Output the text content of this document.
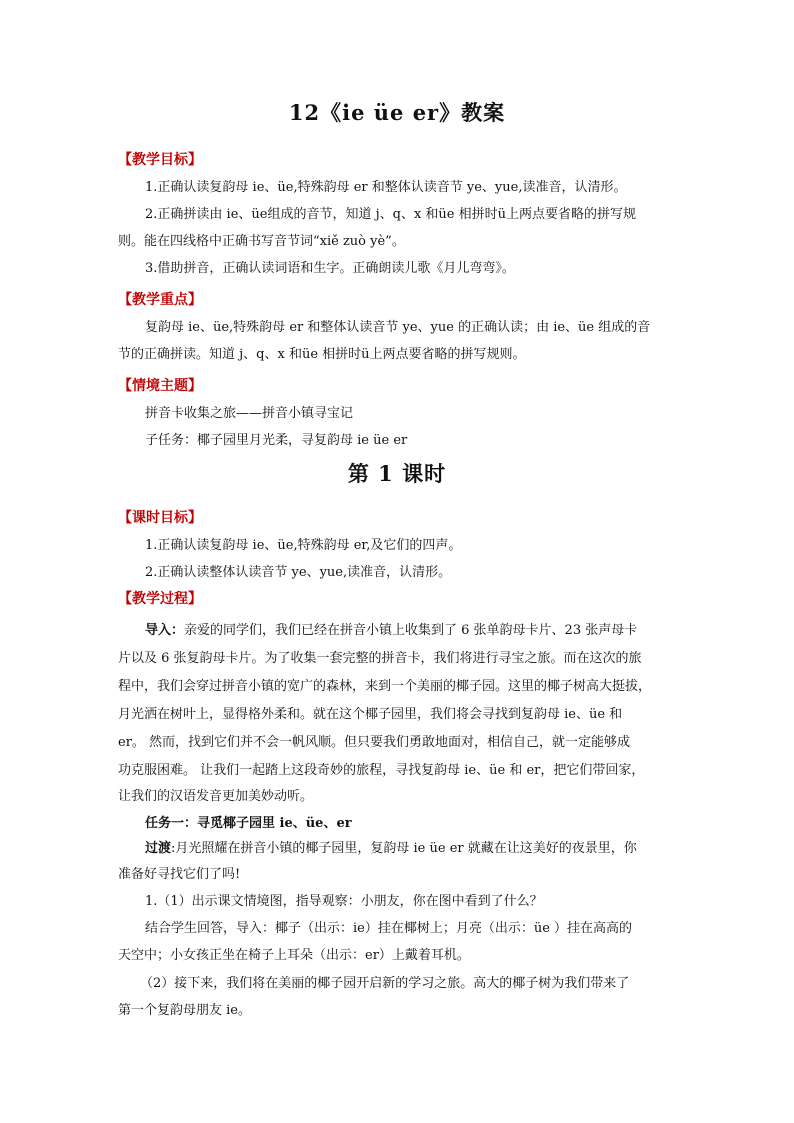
12《ie üe er》教案
【教学目标】
1.正确认读复韵母 ie、üe,特殊韵母 er 和整体认读音节 ye、yue,读准音，认清形。
2.正确拼读由 ie、üe组成的音节，知道 j、q、x 和üe 相拼时ü上两点要省略的拼写规
则。能在四线格中正确书写音节词“xiě zuò yè”。
3.借助拼音，正确认读词语和生字。正确朗读儿歌《月儿弯弯》。
【教学重点】
复韵母 ie、üe,特殊韵母 er 和整体认读音节 ye、yue 的正确认读；由 ie、üe 组成的音
节的正确拼读。知道 j、q、x 和üe 相拼时ü上两点要省略的拼写规则。
【情境主题】
拼音卡收集之旅——拼音小镇寻宝记
子任务：椰子园里月光柔，寻复韵母 ie üe er
第 1 课时
【课时目标】
1.正确认读复韵母 ie、üe,特殊韵母 er,及它们的四声。
2.正确认读整体认读音节 ye、yue,读准音，认清形。
【教学过程】
导入：亲爱的同学们，我们已经在拼音小镇上收集到了 6 张单韵母卡片、23 张声母卡
片以及 6 张复韵母卡片。为了收集一套完整的拼音卡，我们将进行寻宝之旅。而在这次的旅
程中，我们会穿过拼音小镇的宽广的森林，来到一个美丽的椰子园。这里的椰子树高大挺拔，
月光洒在树叶上，显得格外柔和。就在这个椰子园里，我们将会寻找到复韵母 ie、üe 和
er。 然而，找到它们并不会一帆风顺。但只要我们勇敢地面对，相信自己，就一定能够成
功克服困难。 让我们一起踏上这段奇妙的旅程，寻找复韵母 ie、üe 和 er，把它们带回家，
让我们的汉语发音更加美妙动听。
任务一：寻觅椰子园里 ie、üe、er
过渡:月光照耀在拼音小镇的椰子园里，复韵母 ie üe er 就藏在让这美好的夜景里，你
准备好寻找它们了吗!
1.（1）出示课文情境图，指导观察：小朋友，你在图中看到了什么？
结合学生回答，导入：椰子（出示：ie）挂在椰树上；月亮（出示：üe ）挂在高高的
天空中；小女孩正坐在椅子上耳朵（出示：er）上戴着耳机。
（2）接下来，我们将在美丽的椰子园开启新的学习之旅。高大的椰子树为我们带来了
第一个复韵母朋友 ie。
